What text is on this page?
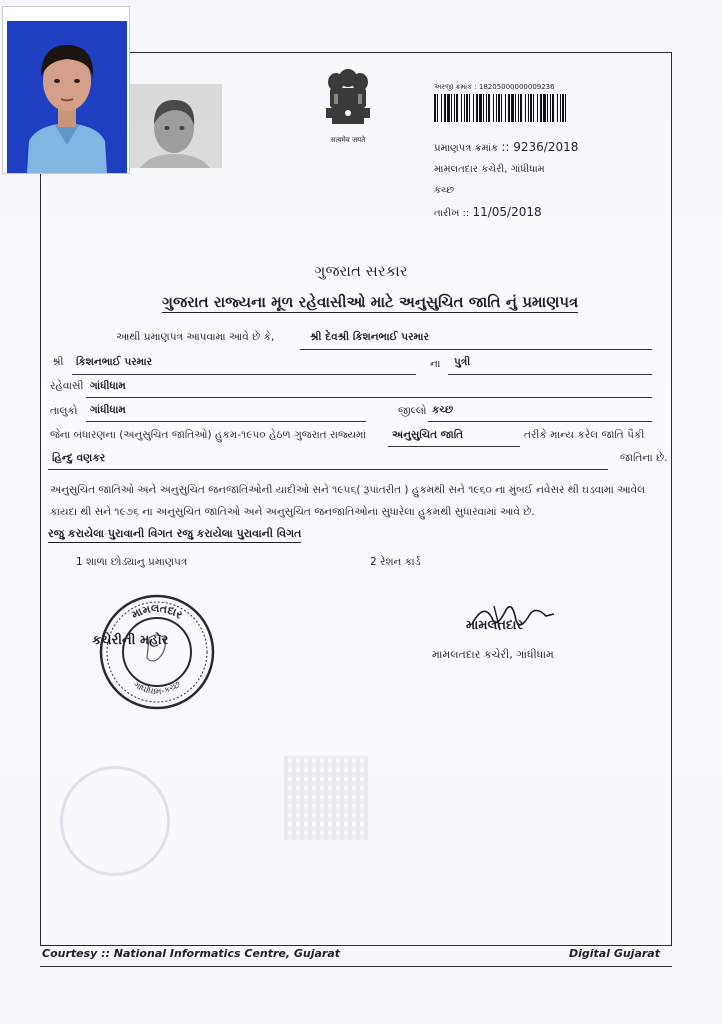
सत्यमेव जयते
અરજી ક્રમાંક : 18205000000009236
પ્રમાણપત્ર ક્રમાંક :: 9236/2018
મામલતદાર કચેરી, ગાંધીધામ
કચ્છ
તારીખ :: 11/05/2018
ગુજરાત સરકાર
ગુજરાત રાજ્યના મૂળ રહેવાસીઓ માટે અનુસુચિત જાતિ નું પ્રમાણપત્ર
આથી પ્રમાણપત્ર આપવામા આવે છે કે,	શ્રી દેવશ્રી કિશનભાઈ પરમાર
શ્રી કિશનભાઈ પરમાર	ના પુત્રી
રહેવાસી ગાંધીધામ
તાલુકો ગાંધીધામ	જીલ્લો કચ્છ
જેના બંધારણના (અનુસુચિત જાતિઓ) હુકમ-૧૯૫૦ હેઠળ ગુજરાત રાજ્યમાં અનુસુચિત જાતિ	તરીકે માન્ય કરેલ જાતિ પૈકી
હિન્દુ વણકર	જાતિના છે.
અનુસુચિત જાતિઓ અને અનુસુચિત જનજાતિઓની યાદીઓ સને ૧૯૫૬( રૂપાંતરીત ) હુકમથી સને ૧૯૬૦ ના મુંબઈ નવેસર થી ઘડવામાં આવેલ કાયદા થી સને ૧૯૭૬ ના અનુસુચિત જાતિઓ અને અનુસુચિત જનજાતિઓના સુધારેલા હુકમથી સુધારવામાં આવે છે.
રજુ કરાયેલા પુરાવાની વિગત રજુ કરાયેલા પુરાવાની વિગત
1 શાળા છોડ્યાનુ પ્રમાણપત્ર	2 રેશન કાર્ડ
મામલતદાર
ગાંધીધામ-કચ્છ
કચેરીની મહોર
મામલતદાર
મામલતદાર કચેરી, ગાંધીધામ
Courtesy :: National Informatics Centre, Gujarat	Digital Gujarat
